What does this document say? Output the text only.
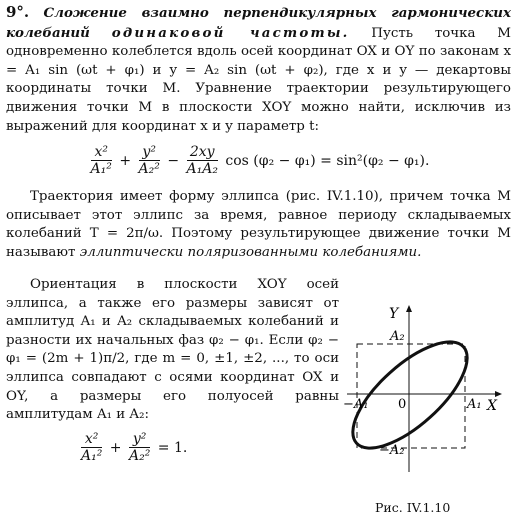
9°. Сложение взаимно перпендикулярных гармонических колебаний одинаковой частоты. Пусть точка M одновременно колеблется вдоль осей координат OX и OY по законам x = A₁ sin (ωt + φ₁) и y = A₂ sin (ωt + φ₂), где x и y — декартовы координаты точки M. Уравнение траектории результирующего движения точки M в плоскости XOY можно найти, исключив из выражений для координат x и y параметр t:

$\frac{\text{x²}}{\text{A₁²}} + \frac{\text{y²}}{\text{A₂²}} - \frac{2xy}{\text{A₁A₂}}$ cos (φ₂ − φ₁) = sin²(φ₂ − φ₁).

Траектория имеет форму эллипса (рис. IV.1.10), причем точка M описывает этот эллипс за время, равное периоду складываемых колебаний T = 2π/ω. Поэтому результирующее движение точки M называют эллиптически поляризованными колебаниями.

Ориентация в плоскости XOY осей эллипса, а также его размеры зависят от амплитуд A₁ и A₂ складываемых колебаний и разности их начальных фаз φ₂ − φ₁. Если φ₂ − φ₁ = (2m + 1)π/2, где m = 0, ±1, ±2, ..., то оси эллипса совпадают с осями координат OX и OY, а размеры его полуосей равны амплитудам A₁ и A₂:

$\frac{\text{x²}}{\text{A₁²}} + \frac{\text{y²}}{\text{A₂²}} = 1$.
Y
X
A₂
−A₂
A₁
−A₁ 0
Рис. IV.1.10
